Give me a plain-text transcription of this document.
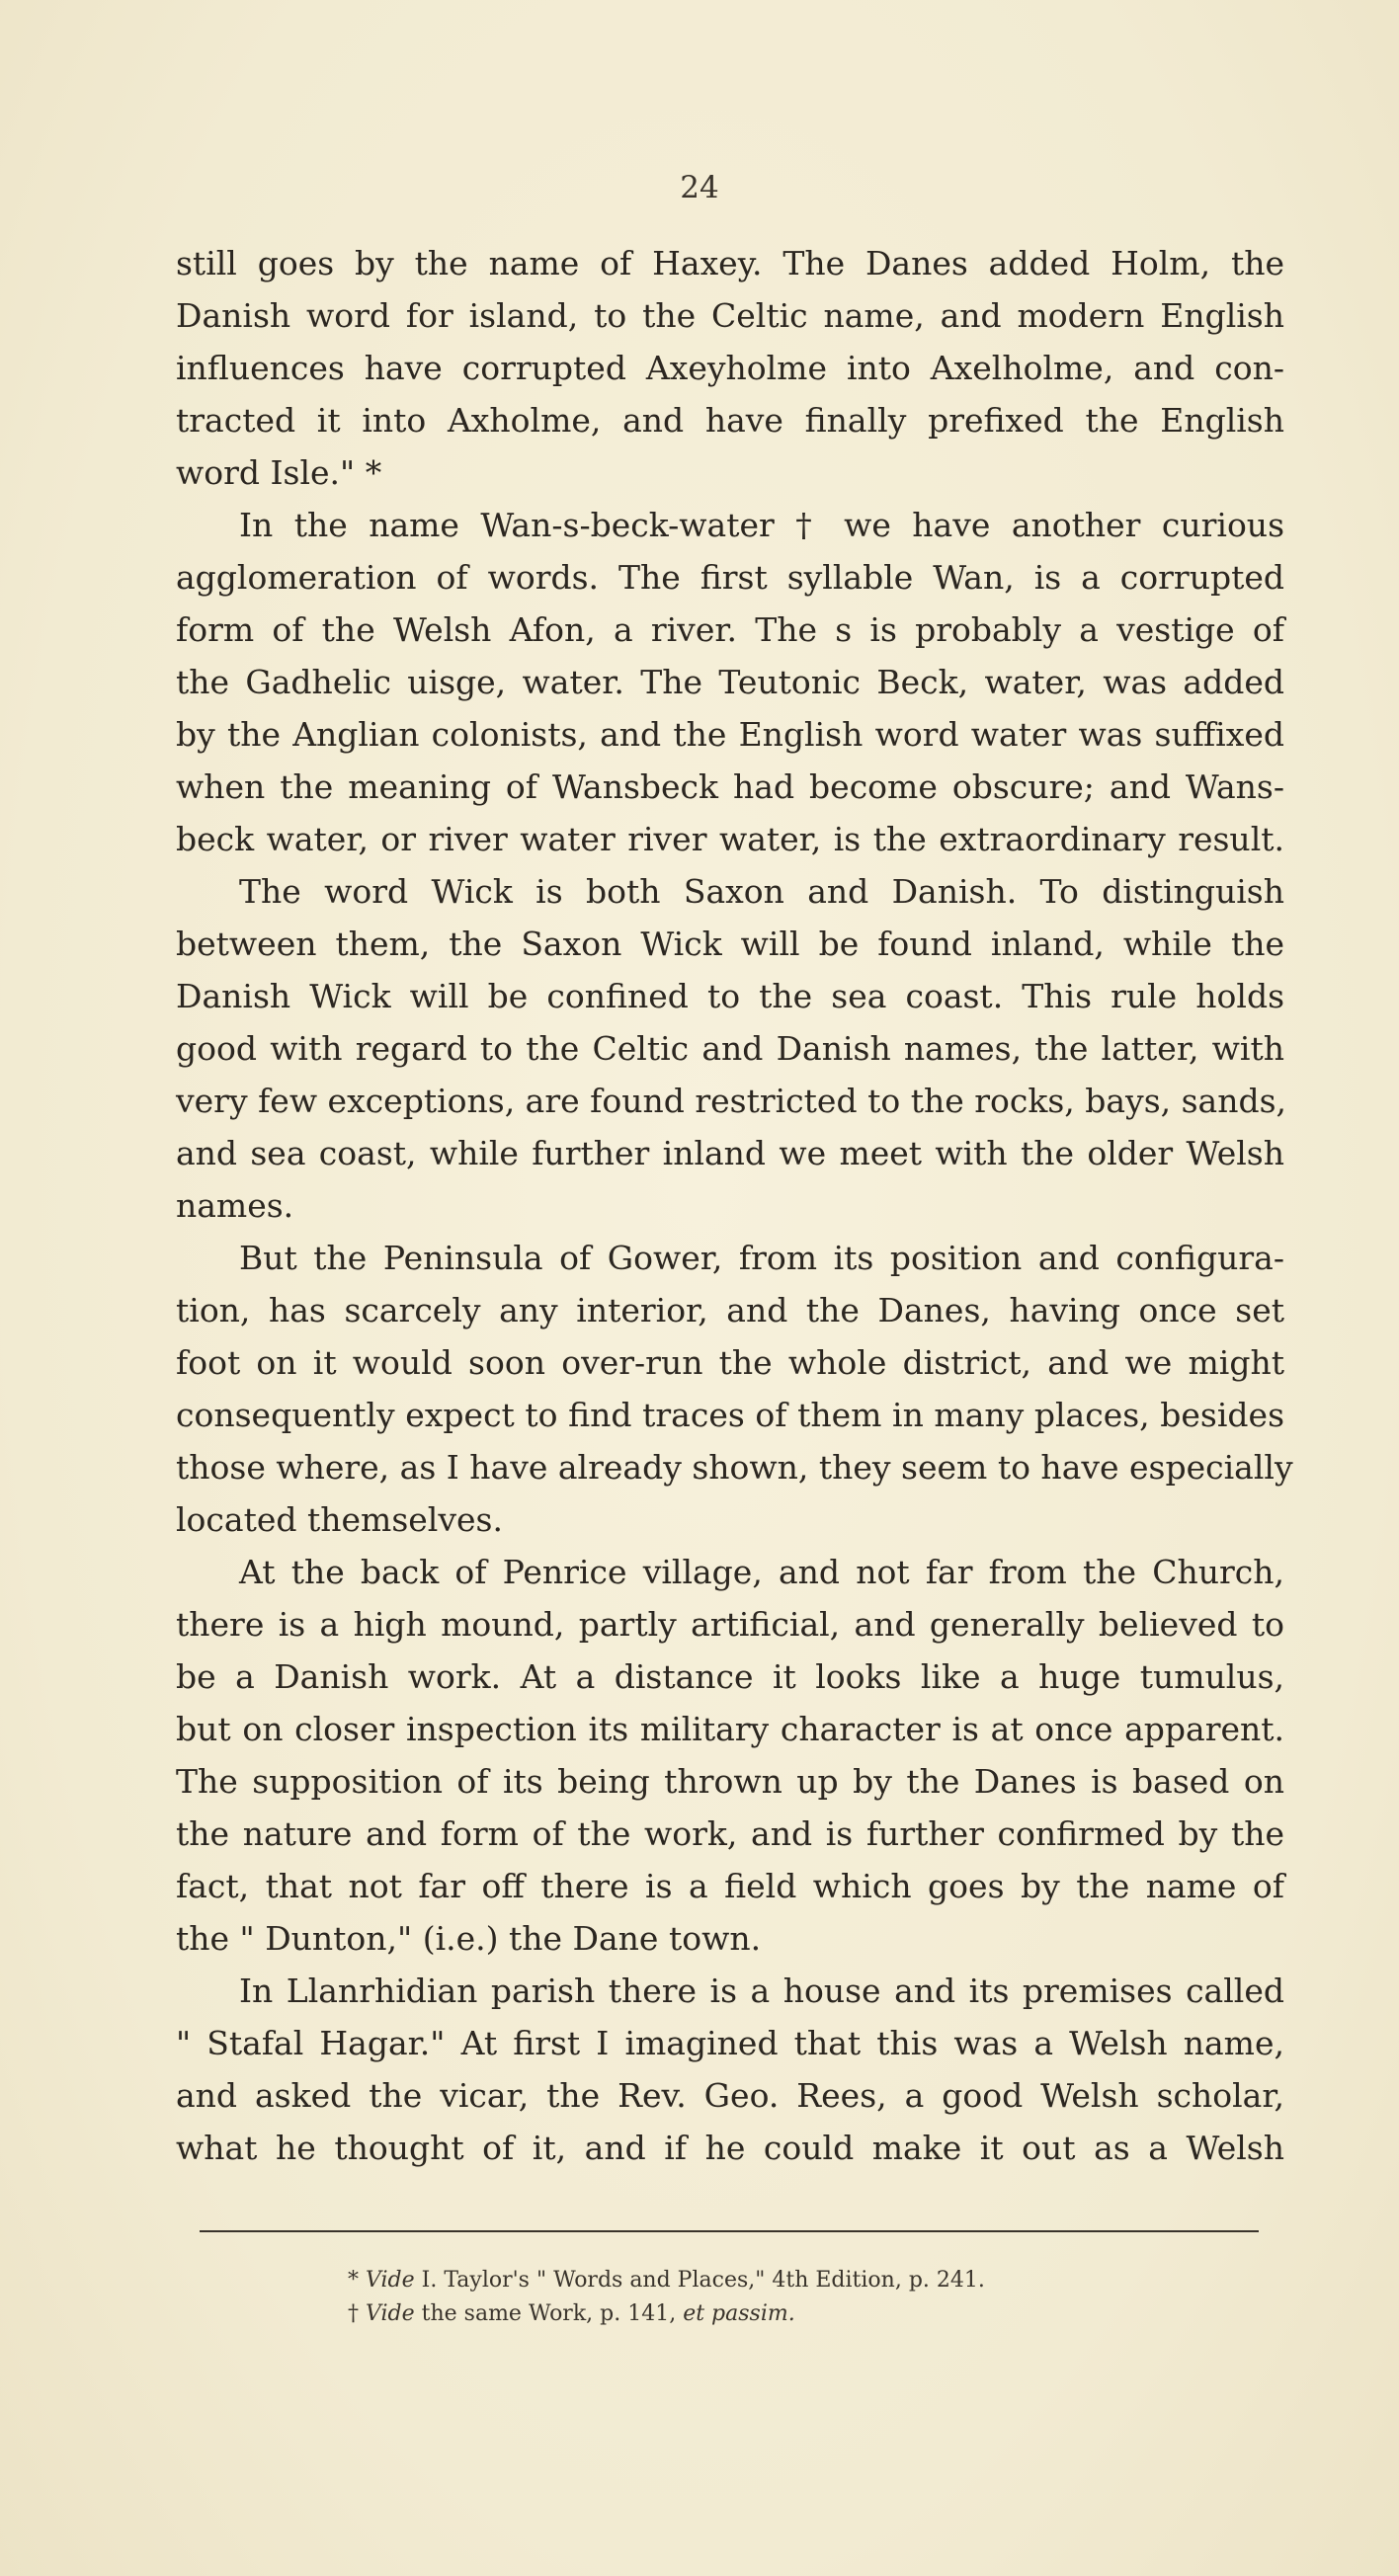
24
still goes by the name of Haxey. The Danes added Holm, the
Danish word for island, to the Celtic name, and modern English
influences have corrupted Axeyholme into Axelholme, and con-
tracted it into Axholme, and have finally prefixed the English
word Isle." *
In the name Wan-s-beck-water † we have another curious
agglomeration of words. The first syllable Wan, is a corrupted
form of the Welsh Afon, a river. The s is probably a vestige of
the Gadhelic uisge, water. The Teutonic Beck, water, was added
by the Anglian colonists, and the English word water was suffixed
when the meaning of Wansbeck had become obscure; and Wans-
beck water, or river water river water, is the extraordinary result.
The word Wick is both Saxon and Danish. To distinguish
between them, the Saxon Wick will be found inland, while the
Danish Wick will be confined to the sea coast. This rule holds
good with regard to the Celtic and Danish names, the latter, with
very few exceptions, are found restricted to the rocks, bays, sands,
and sea coast, while further inland we meet with the older Welsh
names.
But the Peninsula of Gower, from its position and configura-
tion, has scarcely any interior, and the Danes, having once set
foot on it would soon over-run the whole district, and we might
consequently expect to find traces of them in many places, besides
those where, as I have already shown, they seem to have especially
located themselves.
At the back of Penrice village, and not far from the Church,
there is a high mound, partly artificial, and generally believed to
be a Danish work. At a distance it looks like a huge tumulus,
but on closer inspection its military character is at once apparent.
The supposition of its being thrown up by the Danes is based on
the nature and form of the work, and is further confirmed by the
fact, that not far off there is a field which goes by the name of
the " Dunton," (i.e.) the Dane town.
In Llanrhidian parish there is a house and its premises called
" Stafal Hagar." At first I imagined that this was a Welsh name,
and asked the vicar, the Rev. Geo. Rees, a good Welsh scholar,
what he thought of it, and if he could make it out as a Welsh
* Vide I. Taylor's " Words and Places," 4th Edition, p. 241.
† Vide the same Work, p. 141, et passim.
